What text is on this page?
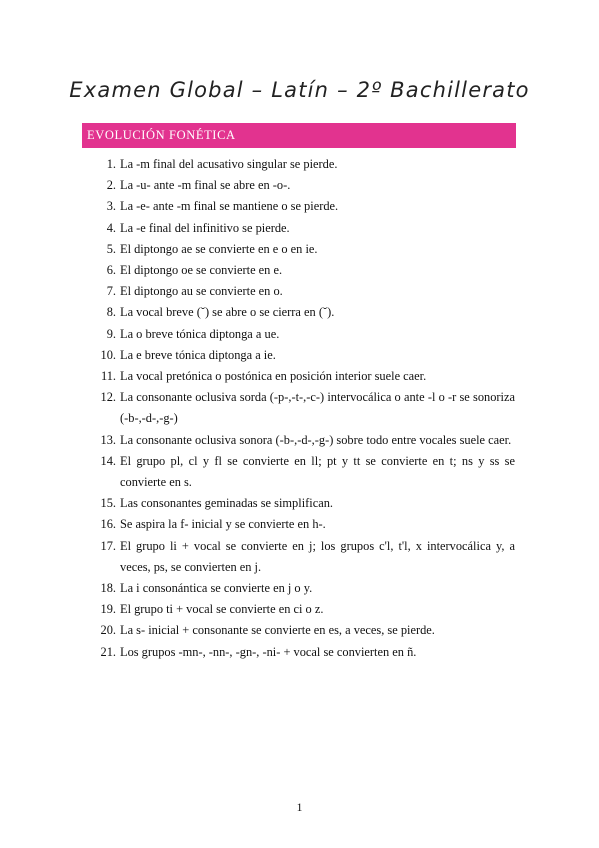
Examen Global – Latín – 2º Bachillerato
EVOLUCIÓN FONÉTICA
1. La -m final del acusativo singular se pierde.
2. La -u- ante -m final se abre en -o-.
3. La -e- ante -m final se mantiene o se pierde.
4. La -e final del infinitivo se pierde.
5. El diptongo ae se convierte en e o en ie.
6. El diptongo oe se convierte en e.
7. El diptongo au se convierte en o.
8. La vocal breve (˘) se abre o se cierra en (˘).
9. La o breve tónica diptonga a ue.
10. La e breve tónica diptonga a ie.
11. La vocal pretónica o postónica en posición interior suele caer.
12. La consonante oclusiva sorda (-p-,-t-,-c-) intervocálica o ante -l o -r se sonoriza (-b-,-d-,-g-)
13. La consonante oclusiva sonora (-b-,-d-,-g-) sobre todo entre vocales suele caer.
14. El grupo pl, cl y fl se convierte en ll; pt y tt se convierte en t; ns y ss se convierte en s.
15. Las consonantes geminadas se simplifican.
16. Se aspira la f- inicial y se convierte en h-.
17. El grupo li + vocal se convierte en j; los grupos c'l, t'l, x intervocálica y, a veces, ps, se convierten en j.
18. La i consonántica se convierte en j o y.
19. El grupo ti + vocal se convierte en ci o z.
20. La s- inicial + consonante se convierte en es, a veces, se pierde.
21. Los grupos -mn-, -nn-, -gn-, -ni- + vocal se convierten en ñ.
1
